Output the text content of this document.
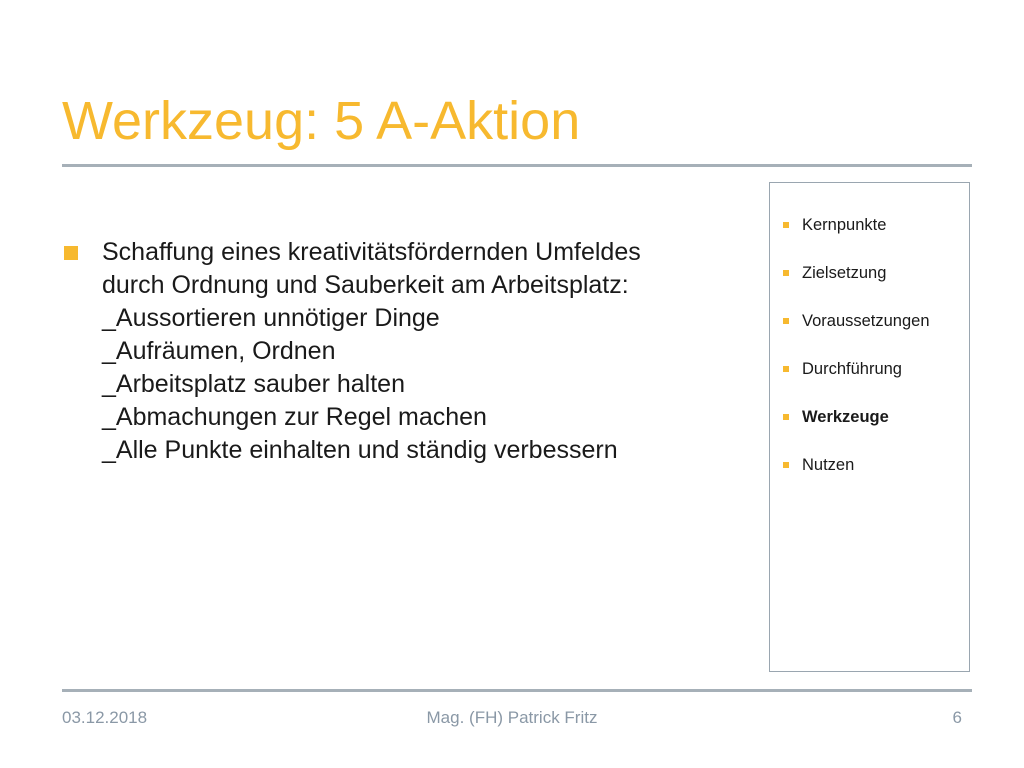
Werkzeug: 5 A-Aktion
Schaffung eines kreativitätsfördernden Umfeldes
durch Ordnung und Sauberkeit am Arbeitsplatz:
_Aussortieren unnötiger Dinge
_Aufräumen, Ordnen
_Arbeitsplatz sauber halten
_Abmachungen zur Regel machen
_Alle Punkte einhalten und ständig verbessern
Kernpunkte
Zielsetzung
Voraussetzungen
Durchführung
Werkzeuge
Nutzen
Mag. (FH) Patrick Fritz
03.12.2018	6
